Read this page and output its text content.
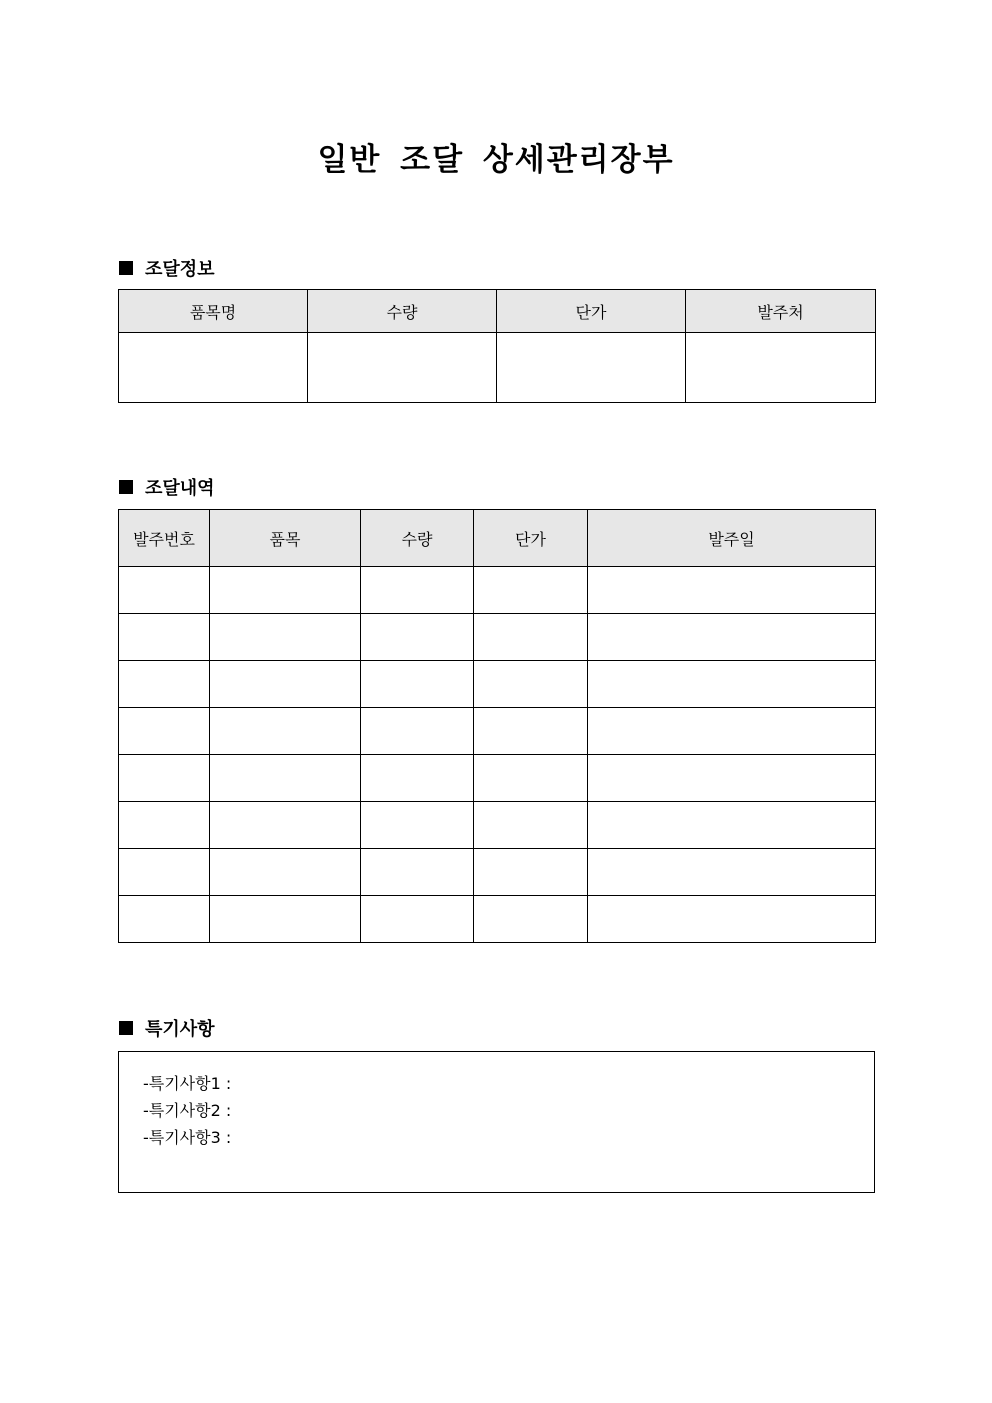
일반 조달 상세관리장부
조달정보
품목명	수량	단가	발주처

조달내역
발주번호	품목	수량	단가	발주일

특기사항
-특기사항1 :
-특기사항2 :
-특기사항3 :
